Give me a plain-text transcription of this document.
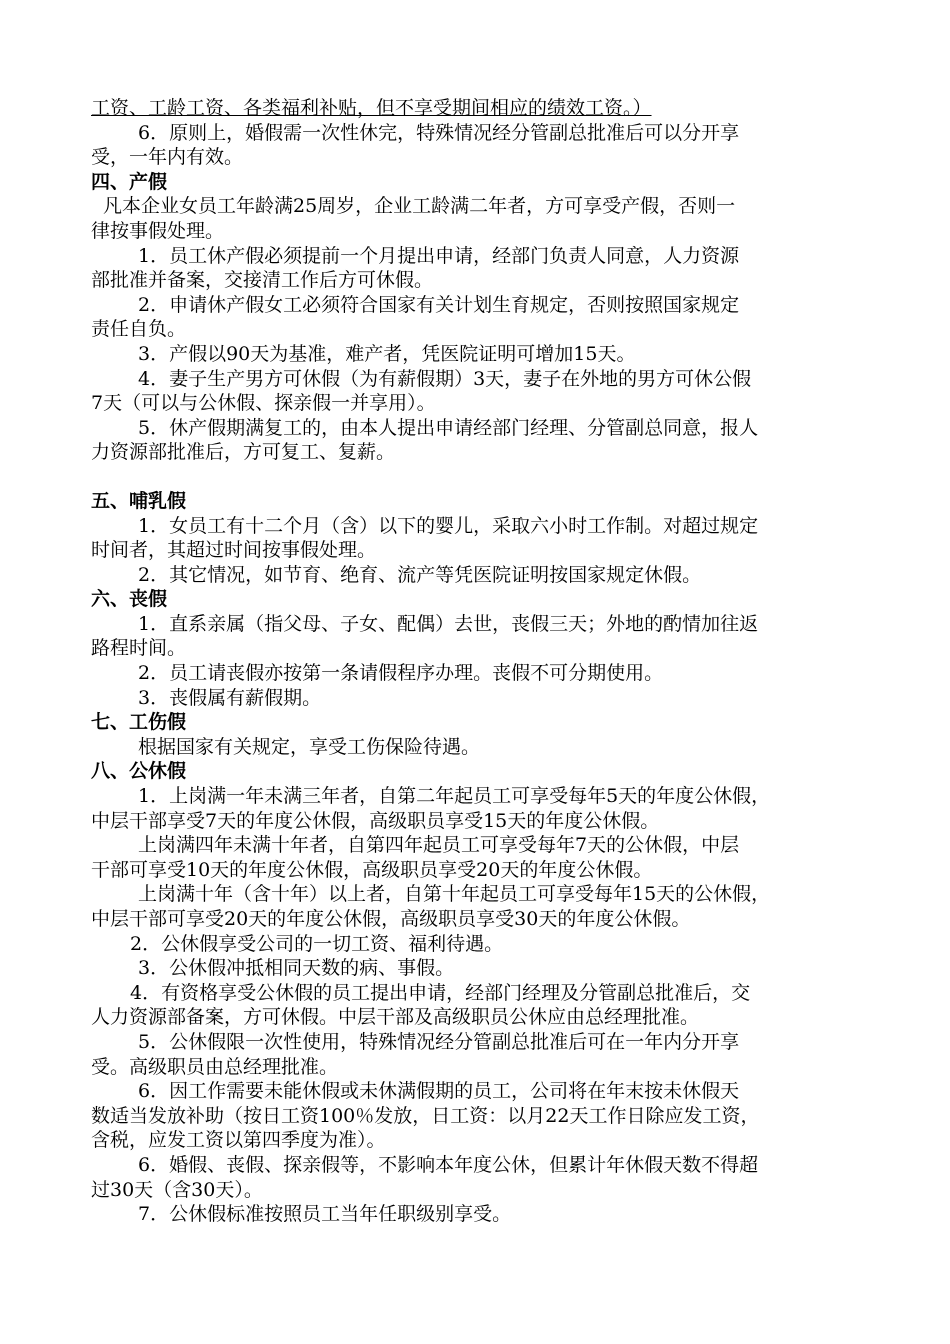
工资、工龄工资、各类福利补贴，但不享受期间相应的绩效工资。）
6．原则上，婚假需一次性休完，特殊情况经分管副总批准后可以分开享
受，一年内有效。
四、产假
凡本企业女员工年龄满25周岁，企业工龄满二年者，方可享受产假，否则一
律按事假处理。
1．员工休产假必须提前一个月提出申请，经部门负责人同意，人力资源
部批准并备案，交接清工作后方可休假。
2．申请休产假女工必须符合国家有关计划生育规定，否则按照国家规定
责任自负。
3．产假以90天为基准，难产者，凭医院证明可增加15天。
4．妻子生产男方可休假（为有薪假期）3天，妻子在外地的男方可休公假
7天（可以与公休假、探亲假一并享用）。
5．休产假期满复工的，由本人提出申请经部门经理、分管副总同意，报人
力资源部批准后，方可复工、复薪。
五、哺乳假
1．女员工有十二个月（含）以下的婴儿，采取六小时工作制。对超过规定
时间者，其超过时间按事假处理。
2．其它情况，如节育、绝育、流产等凭医院证明按国家规定休假。
六、丧假
1．直系亲属（指父母、子女、配偶）去世，丧假三天；外地的酌情加往返
路程时间。
2．员工请丧假亦按第一条请假程序办理。丧假不可分期使用。
3．丧假属有薪假期。
七、工伤假
根据国家有关规定，享受工伤保险待遇。
八、公休假
1．上岗满一年未满三年者，自第二年起员工可享受每年5天的年度公休假，
中层干部享受7天的年度公休假，高级职员享受15天的年度公休假。
上岗满四年未满十年者，自第四年起员工可享受每年7天的公休假，中层
干部可享受10天的年度公休假，高级职员享受20天的年度公休假。
上岗满十年（含十年）以上者，自第十年起员工可享受每年15天的公休假，
中层干部可享受20天的年度公休假，高级职员享受30天的年度公休假。
2．公休假享受公司的一切工资、福利待遇。
3．公休假冲抵相同天数的病、事假。
4．有资格享受公休假的员工提出申请，经部门经理及分管副总批准后，交
人力资源部备案，方可休假。中层干部及高级职员公休应由总经理批准。
5．公休假限一次性使用，特殊情况经分管副总批准后可在一年内分开享
受。高级职员由总经理批准。
6．因工作需要未能休假或未休满假期的员工，公司将在年末按未休假天
数适当发放补助（按日工资100％发放，日工资：以月22天工作日除应发工资，
含税，应发工资以第四季度为准）。
6．婚假、丧假、探亲假等，不影响本年度公休，但累计年休假天数不得超
过30天（含30天）。
7．公休假标准按照员工当年任职级别享受。
